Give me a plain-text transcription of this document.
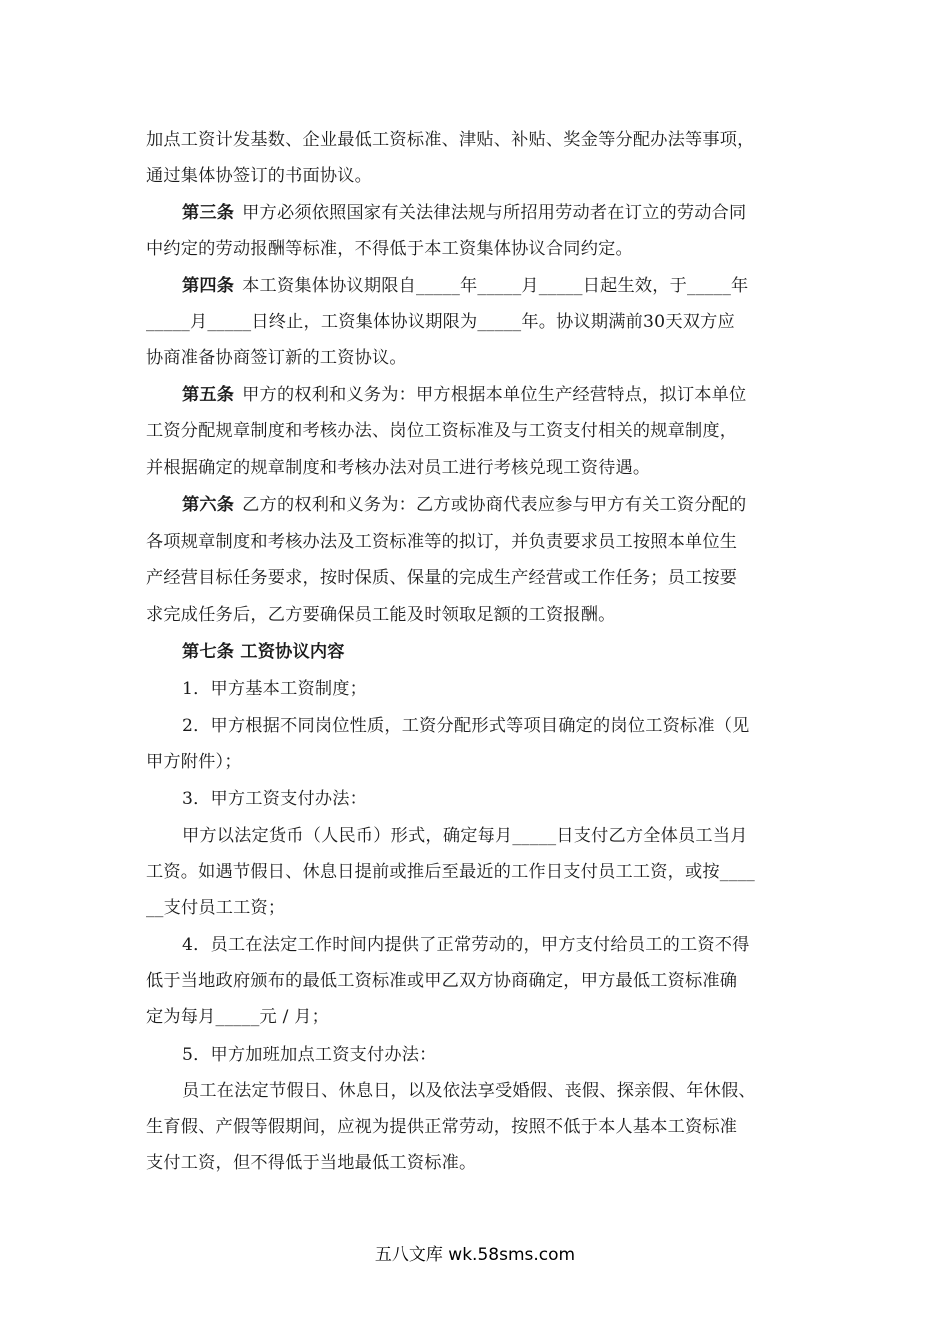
加点工资计发基数、企业最低工资标准、津贴、补贴、奖金等分配办法等事项，
通过集体协签订的书面协议。
第三条 甲方必须依照国家有关法律法规与所招用劳动者在订立的劳动合同
中约定的劳动报酬等标准，不得低于本工资集体协议合同约定。
第四条 本工资集体协议期限自_____年_____月_____日起生效，于_____年
_____月_____日终止，工资集体协议期限为_____年。协议期满前30天双方应
协商准备协商签订新的工资协议。
第五条 甲方的权利和义务为：甲方根据本单位生产经营特点，拟订本单位
工资分配规章制度和考核办法、岗位工资标准及与工资支付相关的规章制度，
并根据确定的规章制度和考核办法对员工进行考核兑现工资待遇。
第六条 乙方的权利和义务为：乙方或协商代表应参与甲方有关工资分配的
各项规章制度和考核办法及工资标准等的拟订，并负责要求员工按照本单位生
产经营目标任务要求，按时保质、保量的完成生产经营或工作任务；员工按要
求完成任务后，乙方要确保员工能及时领取足额的工资报酬。
第七条 工资协议内容
1．甲方基本工资制度；
2．甲方根据不同岗位性质，工资分配形式等项目确定的岗位工资标准（见
甲方附件）；
3．甲方工资支付办法：
甲方以法定货币（人民币）形式，确定每月_____日支付乙方全体员工当月
工资。如遇节假日、休息日提前或推后至最近的工作日支付员工工资，或按____
__支付员工工资；
4．员工在法定工作时间内提供了正常劳动的，甲方支付给员工的工资不得
低于当地政府颁布的最低工资标准或甲乙双方协商确定，甲方最低工资标准确
定为每月_____元 / 月；
5．甲方加班加点工资支付办法：
员工在法定节假日、休息日，以及依法享受婚假、丧假、探亲假、年休假、
生育假、产假等假期间，应视为提供正常劳动，按照不低于本人基本工资标准
支付工资，但不得低于当地最低工资标准。
五八文库 wk.58sms.com
